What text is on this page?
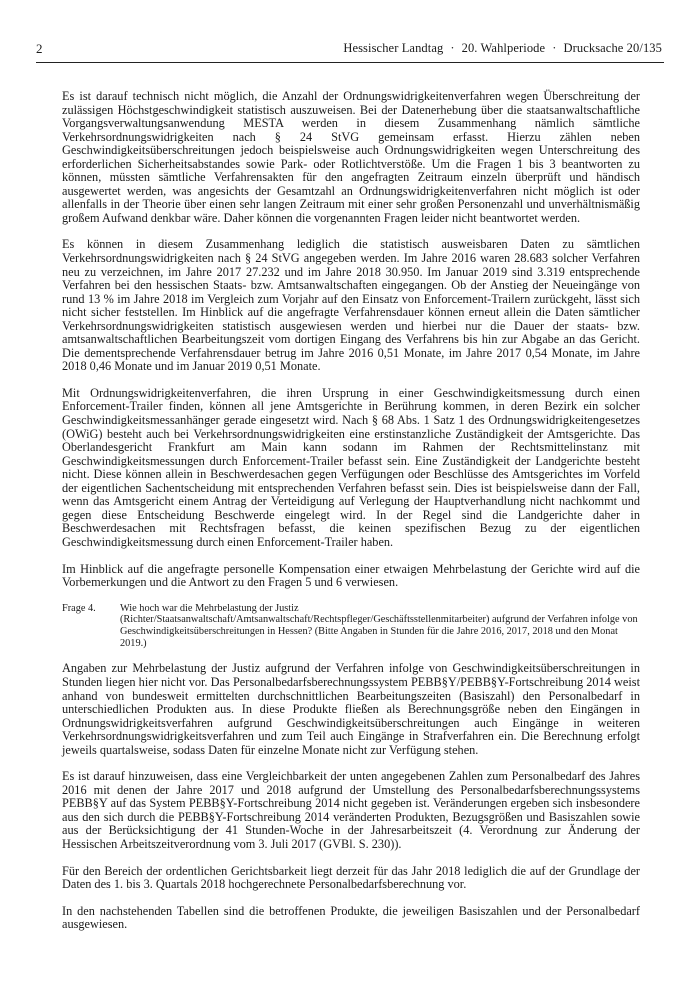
2	Hessischer Landtag · 20. Wahlperiode · Drucksache 20/135

Es ist darauf technisch nicht möglich, die Anzahl der Ordnungswidrigkeitenverfahren wegen Überschreitung der zulässigen Höchstgeschwindigkeit statistisch auszuweisen. Bei der Datenerhebung über die staatsanwaltschaftliche Vorgangsverwaltungsanwendung MESTA werden in diesem Zusammenhang nämlich sämtliche Verkehrsordnungswidrigkeiten nach § 24 StVG gemeinsam erfasst. Hierzu zählen neben Geschwindigkeitsüberschreitungen jedoch beispielsweise auch Ordnungswidrigkeiten wegen Unterschreitung des erforderlichen Sicherheitsabstandes sowie Park- oder Rotlichtverstöße. Um die Fragen 1 bis 3 beantworten zu können, müssten sämtliche Verfahrensakten für den angefragten Zeitraum einzeln überprüft und händisch ausgewertet werden, was angesichts der Gesamtzahl an Ordnungswidrigkeitenverfahren nicht möglich ist oder allenfalls in der Theorie über einen sehr langen Zeitraum mit einer sehr großen Personenzahl und unverhältnismäßig großem Aufwand denkbar wäre. Daher können die vorgenannten Fragen leider nicht beantwortet werden.

Es können in diesem Zusammenhang lediglich die statistisch ausweisbaren Daten zu sämtlichen Verkehrsordnungswidrigkeiten nach § 24 StVG angegeben werden. Im Jahre 2016 waren 28.683 solcher Verfahren neu zu verzeichnen, im Jahre 2017 27.232 und im Jahre 2018 30.950. Im Januar 2019 sind 3.319 entsprechende Verfahren bei den hessischen Staats- bzw. Amtsanwaltschaften eingegangen. Ob der Anstieg der Neueingänge von rund 13 % im Jahre 2018 im Vergleich zum Vorjahr auf den Einsatz von Enforcement-Trailern zurückgeht, lässt sich nicht sicher feststellen. Im Hinblick auf die angefragte Verfahrensdauer können erneut allein die Daten sämtlicher Verkehrsordnungswidrigkeiten statistisch ausgewiesen werden und hierbei nur die Dauer der staats- bzw. amtsanwaltschaftlichen Bearbeitungszeit vom dortigen Eingang des Verfahrens bis hin zur Abgabe an das Gericht. Die dementsprechende Verfahrensdauer betrug im Jahre 2016 0,51 Monate, im Jahre 2017 0,54 Monate, im Jahre 2018 0,46 Monate und im Januar 2019 0,51 Monate.

Mit Ordnungswidrigkeitenverfahren, die ihren Ursprung in einer Geschwindigkeitsmessung durch einen Enforcement-Trailer finden, können all jene Amtsgerichte in Berührung kommen, in deren Bezirk ein solcher Geschwindigkeitsmessanhänger gerade eingesetzt wird. Nach § 68 Abs. 1 Satz 1 des Ordnungswidrigkeitengesetzes (OWiG) besteht auch bei Verkehrsordnungswidrigkeiten eine erstinstanzliche Zuständigkeit der Amtsgerichte. Das Oberlandesgericht Frankfurt am Main kann sodann im Rahmen der Rechtsmittelinstanz mit Geschwindigkeitsmessungen durch Enforcement-Trailer befasst sein. Eine Zuständigkeit der Landgerichte besteht nicht. Diese können allein in Beschwerdesachen gegen Verfügungen oder Beschlüsse des Amtsgerichtes im Vorfeld der eigentlichen Sachentscheidung mit entsprechenden Verfahren befasst sein. Dies ist beispielsweise dann der Fall, wenn das Amtsgericht einem Antrag der Verteidigung auf Verlegung der Hauptverhandlung nicht nachkommt und gegen diese Entscheidung Beschwerde eingelegt wird. In der Regel sind die Landgerichte daher in Beschwerdesachen mit Rechtsfragen befasst, die keinen spezifischen Bezug zu der eigentlichen Geschwindigkeitsmessung durch einen Enforcement-Trailer haben.

Im Hinblick auf die angefragte personelle Kompensation einer etwaigen Mehrbelastung der Gerichte wird auf die Vorbemerkungen und die Antwort zu den Fragen 5 und 6 verwiesen.

Frage 4.	Wie hoch war die Mehrbelastung der Justiz (Richter/Staatsanwaltschaft/Amtsanwaltschaft/Rechtspfleger/Geschäftsstellenmitarbeiter) aufgrund der Verfahren infolge von Geschwindigkeitsüberschreitungen in Hessen? (Bitte Angaben in Stunden für die Jahre 2016, 2017, 2018 und den Monat 2019.)

Angaben zur Mehrbelastung der Justiz aufgrund der Verfahren infolge von Geschwindigkeitsüberschreitungen in Stunden liegen hier nicht vor. Das Personalbedarfsberechnungssystem PEBB§Y/PEBB§Y-Fortschreibung 2014 weist anhand von bundesweit ermittelten durchschnittlichen Bearbeitungszeiten (Basiszahl) den Personalbedarf in unterschiedlichen Produkten aus. In diese Produkte fließen als Berechnungsgröße neben den Eingängen in Ordnungswidrigkeitsverfahren aufgrund Geschwindigkeitsüberschreitungen auch Eingänge in weiteren Verkehrsordnungswidrigkeitsverfahren und zum Teil auch Eingänge in Strafverfahren ein. Die Berechnung erfolgt jeweils quartalsweise, sodass Daten für einzelne Monate nicht zur Verfügung stehen.

Es ist darauf hinzuweisen, dass eine Vergleichbarkeit der unten angegebenen Zahlen zum Personalbedarf des Jahres 2016 mit denen der Jahre 2017 und 2018 aufgrund der Umstellung des Personalbedarfsberechnungssystems PEBB§Y auf das System PEBB§Y-Fortschreibung 2014 nicht gegeben ist. Veränderungen ergeben sich insbesondere aus den sich durch die PEBB§Y-Fortschreibung 2014 veränderten Produkten, Bezugsgrößen und Basiszahlen sowie aus der Berücksichtigung der 41 Stunden-Woche in der Jahresarbeitszeit (4. Verordnung zur Änderung der Hessischen Arbeitszeitverordnung vom 3. Juli 2017 (GVBl. S. 230)).

Für den Bereich der ordentlichen Gerichtsbarkeit liegt derzeit für das Jahr 2018 lediglich die auf der Grundlage der Daten des 1. bis 3. Quartals 2018 hochgerechnete Personalbedarfsberechnung vor.

In den nachstehenden Tabellen sind die betroffenen Produkte, die jeweiligen Basiszahlen und der Personalbedarf ausgewiesen.
